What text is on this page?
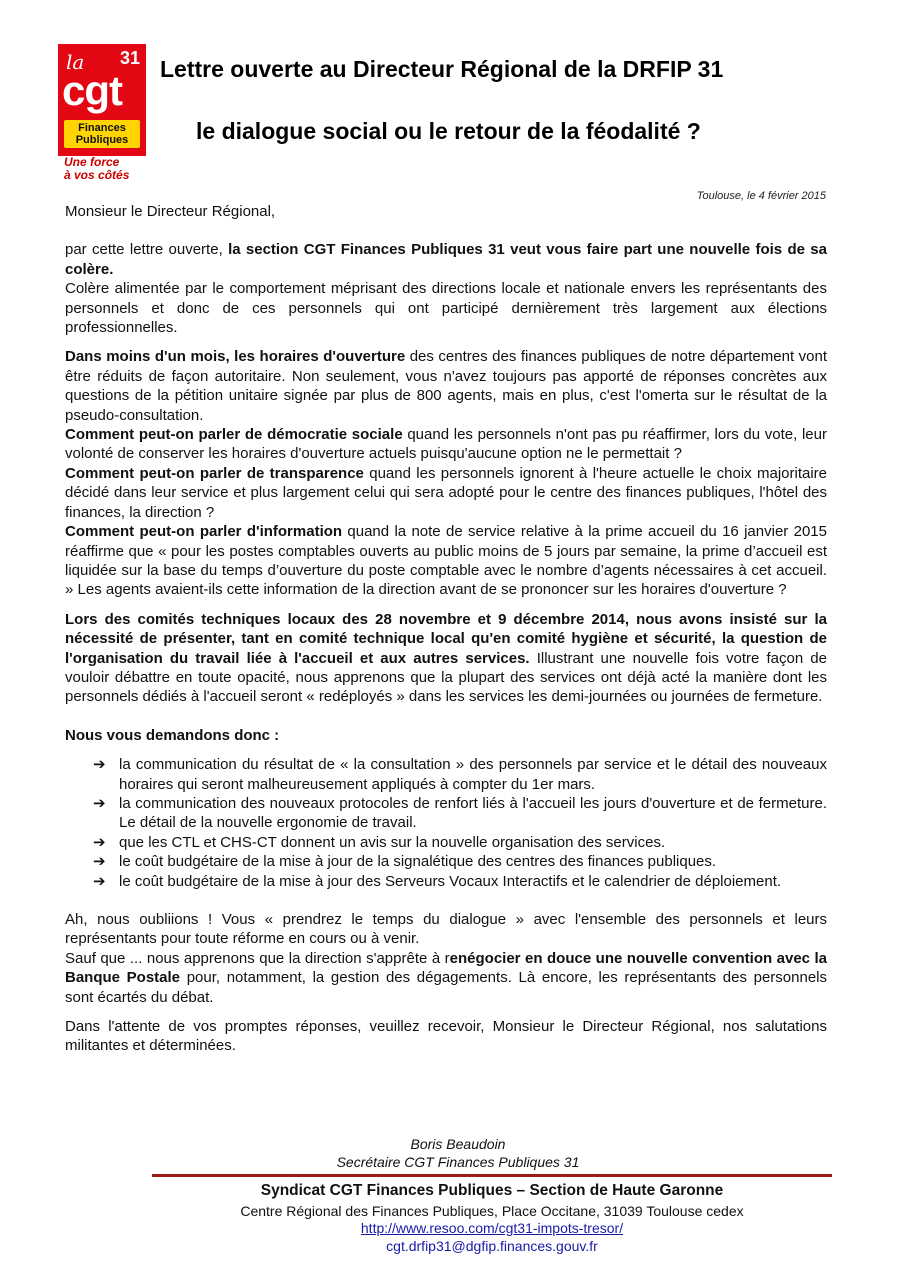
la 31
cgt
Finances
Publiques
Une force
à vos côtés
Lettre ouverte au Directeur Régional de la DRFIP 31
le dialogue social ou le retour de la féodalité ?
Toulouse, le 4 février 2015

Monsieur le Directeur Régional,

par cette lettre ouverte, la section CGT Finances Publiques 31 veut vous faire part une nouvelle fois de sa colère.

Colère alimentée par le comportement méprisant des directions locale et nationale envers les représentants des personnels et donc de ces personnels qui ont participé dernièrement très largement aux élections professionnelles.

Dans moins d'un mois, les horaires d'ouverture des centres des finances publiques de notre département vont être réduits de façon autoritaire. Non seulement, vous n'avez toujours pas apporté de réponses concrètes aux questions de la pétition unitaire signée par plus de 800 agents, mais en plus, c'est l'omerta sur le résultat de la pseudo-consultation.

Comment peut-on parler de démocratie sociale quand les personnels n'ont pas pu réaffirmer, lors du vote, leur volonté de conserver les horaires d'ouverture actuels puisqu'aucune option ne le permettait ?

Comment peut-on parler de transparence quand les personnels ignorent à l'heure actuelle le choix majoritaire décidé dans leur service et plus largement celui qui sera adopté pour le centre des finances publiques, l'hôtel des finances, la direction ?

Comment peut-on parler d'information quand la note de service relative à la prime accueil du 16 janvier 2015 réaffirme que « pour les postes comptables ouverts au public moins de 5 jours par semaine, la prime d’accueil est liquidée sur la base du temps d’ouverture du poste comptable avec le nombre d’agents nécessaires à cet accueil. » Les agents avaient-ils cette information de la direction avant de se prononcer sur les horaires d'ouverture ?

Lors des comités techniques locaux des 28 novembre et 9 décembre 2014, nous avons insisté sur la nécessité de présenter, tant en comité technique local qu'en comité hygiène et sécurité, la question de l'organisation du travail liée à l'accueil et aux autres services. Illustrant une nouvelle fois votre façon de vouloir débattre en toute opacité, nous apprenons que la plupart des services ont déjà acté la manière dont les personnels dédiés à l'accueil seront « redéployés » dans les services les demi-journées ou journées de fermeture.

Nous vous demandons donc :

➔ la communication du résultat de « la consultation » des personnels par service et le détail des nouveaux horaires qui seront malheureusement appliqués à compter du 1er mars.
➔ la communication des nouveaux protocoles de renfort liés à l'accueil les jours d'ouverture et de fermeture. Le détail de la nouvelle ergonomie de travail.
➔ que les CTL et CHS-CT donnent un avis sur la nouvelle organisation des services.
➔ le coût budgétaire de la mise à jour de la signalétique des centres des finances publiques.
➔ le coût budgétaire de la mise à jour des Serveurs Vocaux Interactifs et le calendrier de déploiement.

Ah, nous oubliions ! Vous « prendrez le temps du dialogue » avec l'ensemble des personnels et leurs représentants pour toute réforme en cours ou à venir.

Sauf que ... nous apprenons que la direction s'apprête à renégocier en douce une nouvelle convention avec la Banque Postale pour, notamment, la gestion des dégagements. Là encore, les représentants des personnels sont écartés du débat.

Dans l'attente de vos promptes réponses, veuillez recevoir, Monsieur le Directeur Régional, nos salutations militantes et déterminées.

Boris Beaudoin
Secrétaire CGT Finances Publiques 31
Syndicat CGT Finances Publiques – Section de Haute Garonne
Centre Régional des Finances Publiques, Place Occitane, 31039 Toulouse cedex
http://www.resoo.com/cgt31-impots-tresor/
cgt.drfip31@dgfip.finances.gouv.fr
